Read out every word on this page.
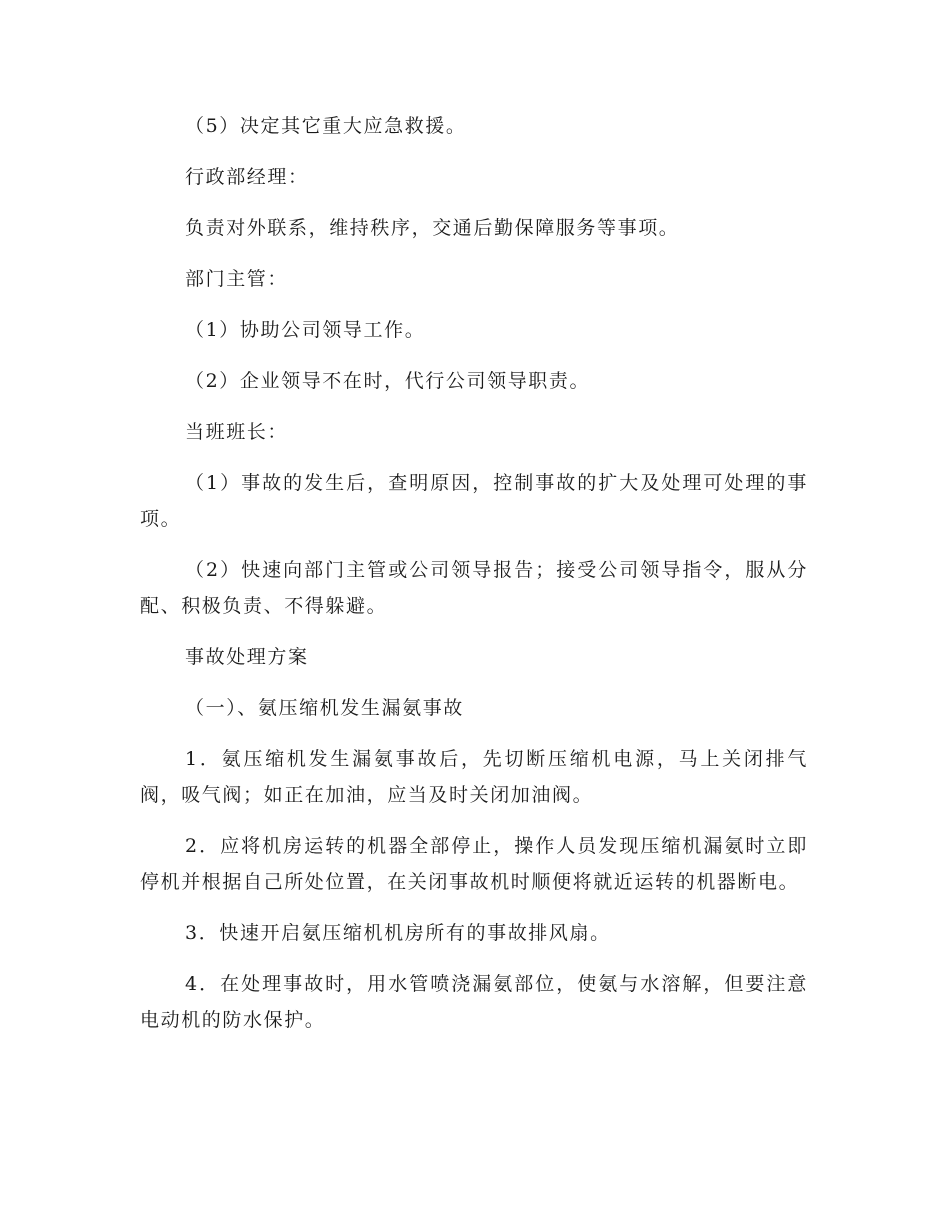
（5）决定其它重大应急救援。

行政部经理：

负责对外联系，维持秩序，交通后勤保障服务等事项。

部门主管：

（1）协助公司领导工作。

（2）企业领导不在时，代行公司领导职责。

当班班长：

（1）事故的发生后，查明原因，控制事故的扩大及处理可处理的事项。

（2）快速向部门主管或公司领导报告；接受公司领导指令，服从分配、积极负责、不得躲避。

事故处理方案

（一）、氨压缩机发生漏氨事故

1．氨压缩机发生漏氨事故后，先切断压缩机电源，马上关闭排气阀，吸气阀；如正在加油，应当及时关闭加油阀。

2．应将机房运转的机器全部停止，操作人员发现压缩机漏氨时立即停机并根据自己所处位置，在关闭事故机时顺便将就近运转的机器断电。

3．快速开启氨压缩机机房所有的事故排风扇。

4．在处理事故时，用水管喷浇漏氨部位，使氨与水溶解，但要注意电动机的防水保护。
